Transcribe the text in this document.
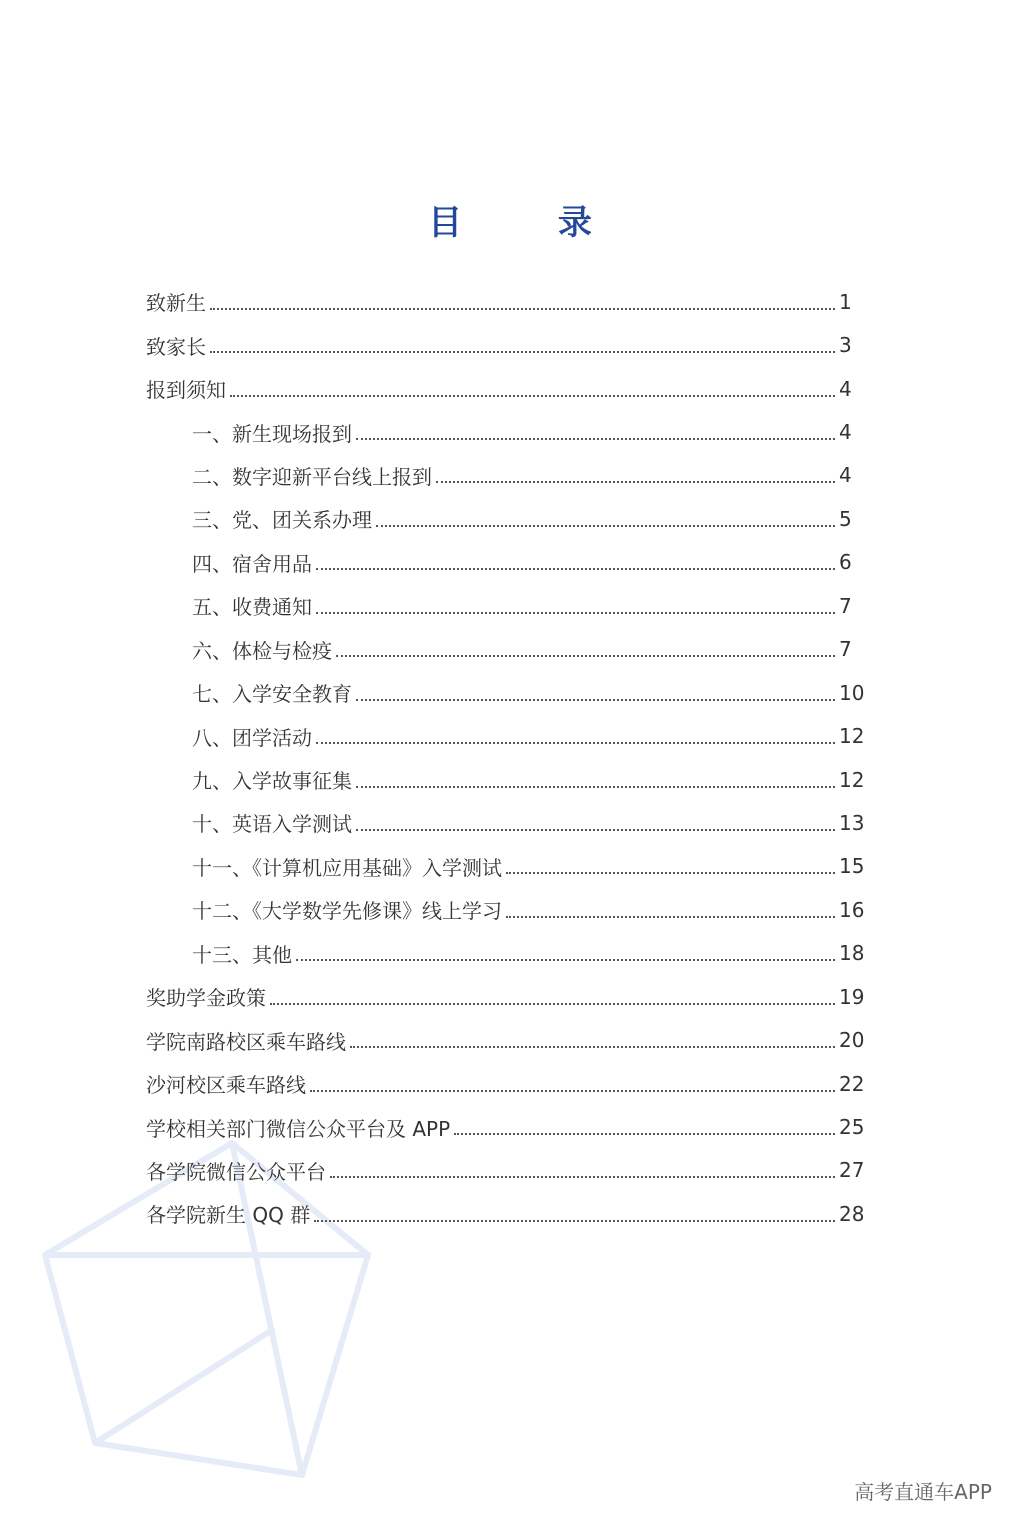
目 录
致新生	1
致家长	3
报到须知	4
一、新生现场报到	4
二、数字迎新平台线上报到	4
三、党、团关系办理	5
四、宿舍用品	6
五、收费通知	7
六、体检与检疫	7
七、入学安全教育	10
八、团学活动	12
九、入学故事征集	12
十、英语入学测试	13
十一、《计算机应用基础》入学测试	15
十二、《大学数学先修课》线上学习	16
十三、其他	18
奖助学金政策	19
学院南路校区乘车路线	20
沙河校区乘车路线	22
学校相关部门微信公众平台及 APP	25
各学院微信公众平台	27
各学院新生 QQ 群	28
高考直通车APP
